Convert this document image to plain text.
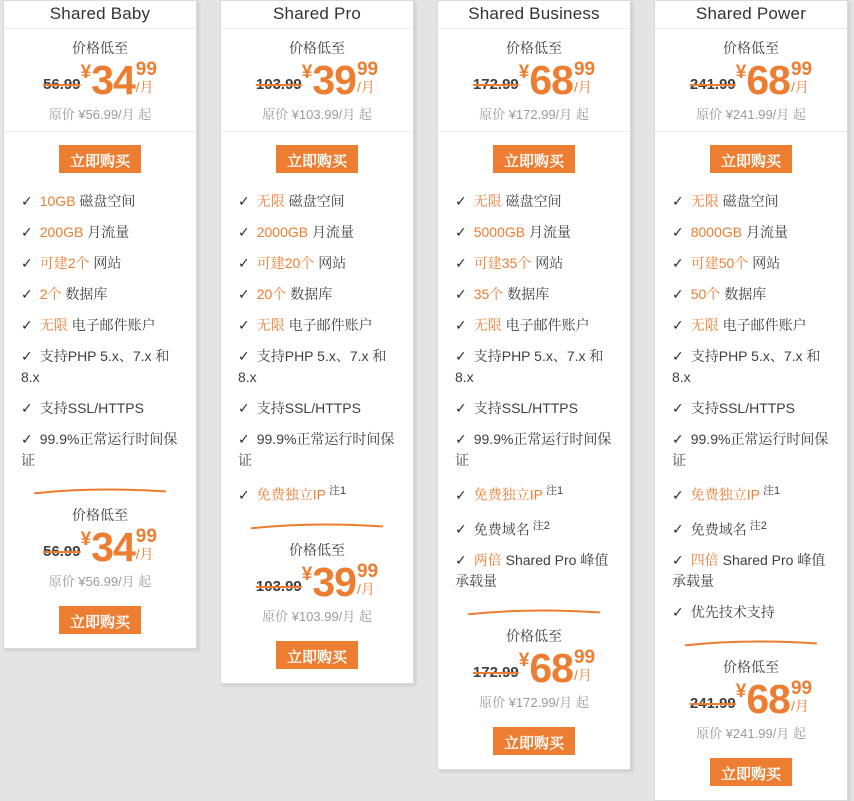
Shared Baby
价格低至
56.99
¥ 34 99
/月
原价 ¥56.99/月 起
立即购买
✓ 10GB 磁盘空间
✓ 200GB 月流量
✓ 可建2个 网站
✓ 2个 数据库
✓ 无限 电子邮件账户
✓ 支持PHP 5.x、7.x 和 8.x
✓ 支持SSL/HTTPS
✓ 99.9%正常运行时间保证
价格低至
56.99
¥ 34 99
/月
原价 ¥56.99/月 起
立即购买
Shared Pro
价格低至
103.99
¥ 39 99
/月
原价 ¥103.99/月 起
立即购买
✓ 无限 磁盘空间
✓ 2000GB 月流量
✓ 可建20个 网站
✓ 20个 数据库
✓ 无限 电子邮件账户
✓ 支持PHP 5.x、7.x 和 8.x
✓ 支持SSL/HTTPS
✓ 99.9%正常运行时间保证
✓ 免费独立IP $^{注1}$
价格低至
103.99
¥ 39 99
/月
原价 ¥103.99/月 起
立即购买
Shared Business
价格低至
172.99
¥ 68 99
/月
原价 ¥172.99/月 起
立即购买
✓ 无限 磁盘空间
✓ 5000GB 月流量
✓ 可建35个 网站
✓ 35个 数据库
✓ 无限 电子邮件账户
✓ 支持PHP 5.x、7.x 和 8.x
✓ 支持SSL/HTTPS
✓ 99.9%正常运行时间保证
✓ 免费独立IP $^{注1}$
✓ 免费域名 $^{注2}$
✓ 两倍 Shared Pro 峰值承载量
价格低至
172.99
¥ 68 99
/月
原价 ¥172.99/月 起
立即购买
Shared Power
价格低至
241.99
¥ 68 99
/月
原价 ¥241.99/月 起
立即购买
✓ 无限 磁盘空间
✓ 8000GB 月流量
✓ 可建50个 网站
✓ 50个 数据库
✓ 无限 电子邮件账户
✓ 支持PHP 5.x、7.x 和 8.x
✓ 支持SSL/HTTPS
✓ 99.9%正常运行时间保证
✓ 免费独立IP $^{注1}$
✓ 免费域名 $^{注2}$
✓ 四倍 Shared Pro 峰值承载量
✓ 优先技术支持
价格低至
241.99
¥ 68 99
/月
原价 ¥241.99/月 起
立即购买
